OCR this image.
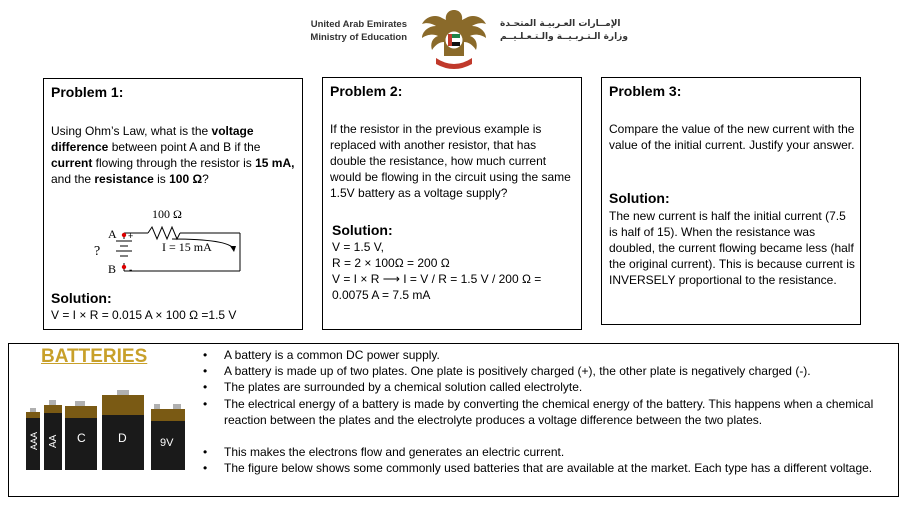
United Arab Emirates
Ministry of Education
الإمــارات العـربيـة المتحـدة
وزارة الـتـربـيــة والـتـعـلـيــم
Problem 1:
Using Ohm’s Law, what is the voltage difference between point A and B if the current flowing through the resistor is 15 mA, and the resistance is 100 Ω?
100 Ω
I = 15 mA
A
B
?
+
-
Solution:
V = I × R = 0.015 A × 100 Ω =1.5 V
Problem 2:
If the resistor in the previous example is replaced with another resistor, that has double the resistance, how much current would be flowing in the circuit using the same 1.5V battery as a voltage supply?
Solution:
V = 1.5 V,
R = 2 × 100Ω = 200 Ω
V = I × R ⟶ I = V / R = 1.5 V / 200 Ω =
0.0075 A = 7.5 mA
Problem 3:
Compare the value of the new current with the value of the initial current. Justify your answer.
Solution:
The new current is half the initial current (7.5 is half of 15). When the resistance was doubled, the current flowing became less (half the original current). This is because current is INVERSELY proportional to the resistance.
BATTERIES
AAA AA C	D	9V
• A battery is a common DC power supply.
• A battery is made up of two plates. One plate is positively charged (+), the other plate is negatively charged (-).
• The plates are surrounded by a chemical solution called electrolyte.
• The electrical energy of a battery is made by converting the chemical energy of the battery. This happens when a chemical reaction between the plates and the electrolyte produces a voltage difference between the two plates.
• This makes the electrons flow and generates an electric current.
• The figure below shows some commonly used batteries that are available at the market. Each type has a different voltage.
